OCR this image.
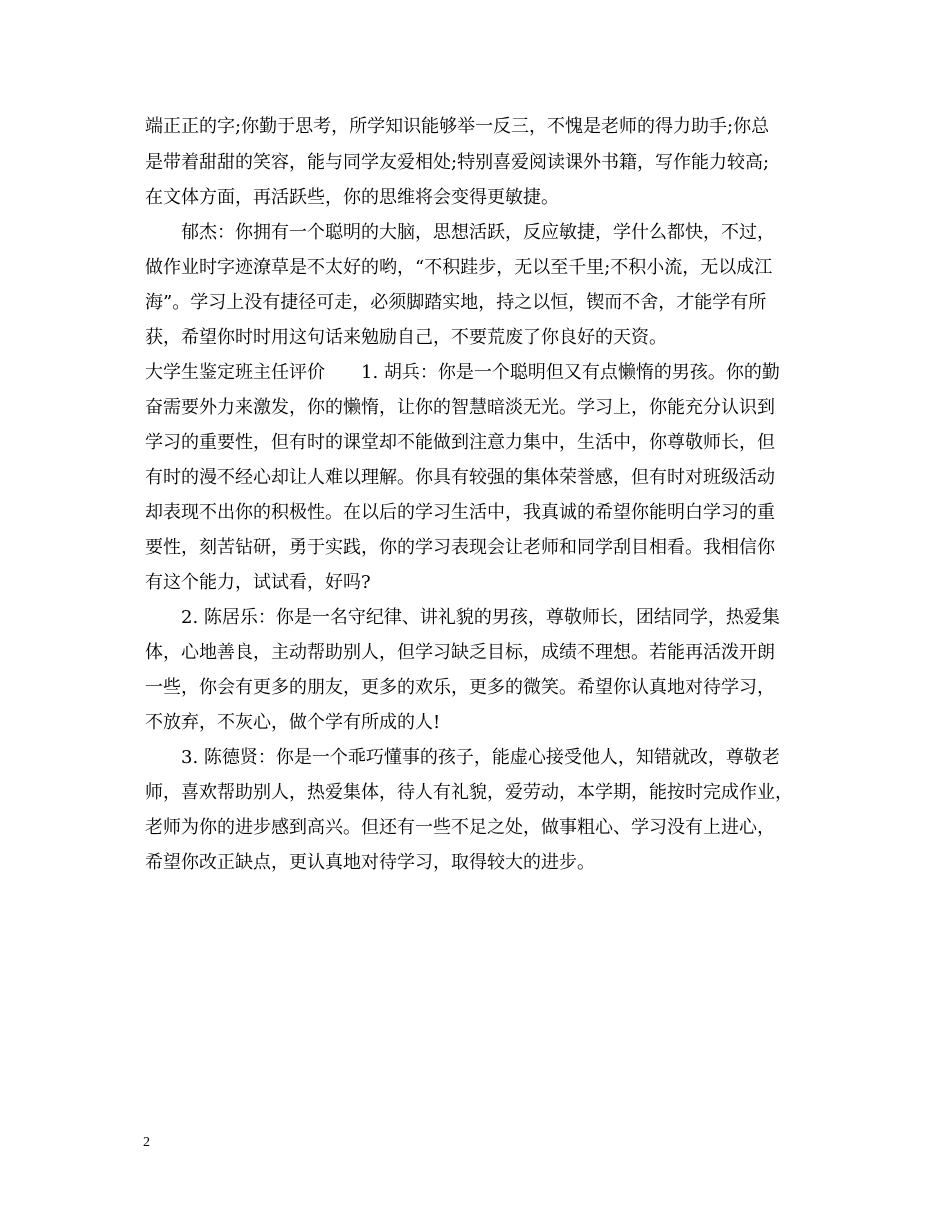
端正正的字;你勤于思考，所学知识能够举一反三，不愧是老师的得力助手;你总
是带着甜甜的笑容，能与同学友爱相处;特别喜爱阅读课外书籍，写作能力较高;
在文体方面，再活跃些，你的思维将会变得更敏捷。
　　郁杰：你拥有一个聪明的大脑，思想活跃，反应敏捷，学什么都快，不过，
做作业时字迹潦草是不太好的哟，“不积跬步，无以至千里;不积小流，无以成江
海”。学习上没有捷径可走，必须脚踏实地，持之以恒，锲而不舍，才能学有所
获，希望你时时用这句话来勉励自己，不要荒废了你良好的天资。
大学生鉴定班主任评价　　1. 胡兵：你是一个聪明但又有点懒惰的男孩。你的勤
奋需要外力来激发，你的懒惰，让你的智慧暗淡无光。学习上，你能充分认识到
学习的重要性，但有时的课堂却不能做到注意力集中，生活中，你尊敬师长，但
有时的漫不经心却让人难以理解。你具有较强的集体荣誉感，但有时对班级活动
却表现不出你的积极性。在以后的学习生活中，我真诚的希望你能明白学习的重
要性，刻苦钻研，勇于实践，你的学习表现会让老师和同学刮目相看。我相信你
有这个能力，试试看，好吗?
　　2. 陈居乐：你是一名守纪律、讲礼貌的男孩，尊敬师长，团结同学，热爱集
体，心地善良，主动帮助别人，但学习缺乏目标，成绩不理想。若能再活泼开朗
一些，你会有更多的朋友，更多的欢乐，更多的微笑。希望你认真地对待学习，
不放弃，不灰心，做个学有所成的人!
　　3. 陈德贤：你是一个乖巧懂事的孩子，能虚心接受他人，知错就改，尊敬老
师，喜欢帮助别人，热爱集体，待人有礼貌，爱劳动，本学期，能按时完成作业，
老师为你的进步感到高兴。但还有一些不足之处，做事粗心、学习没有上进心，
希望你改正缺点，更认真地对待学习，取得较大的进步。
2
